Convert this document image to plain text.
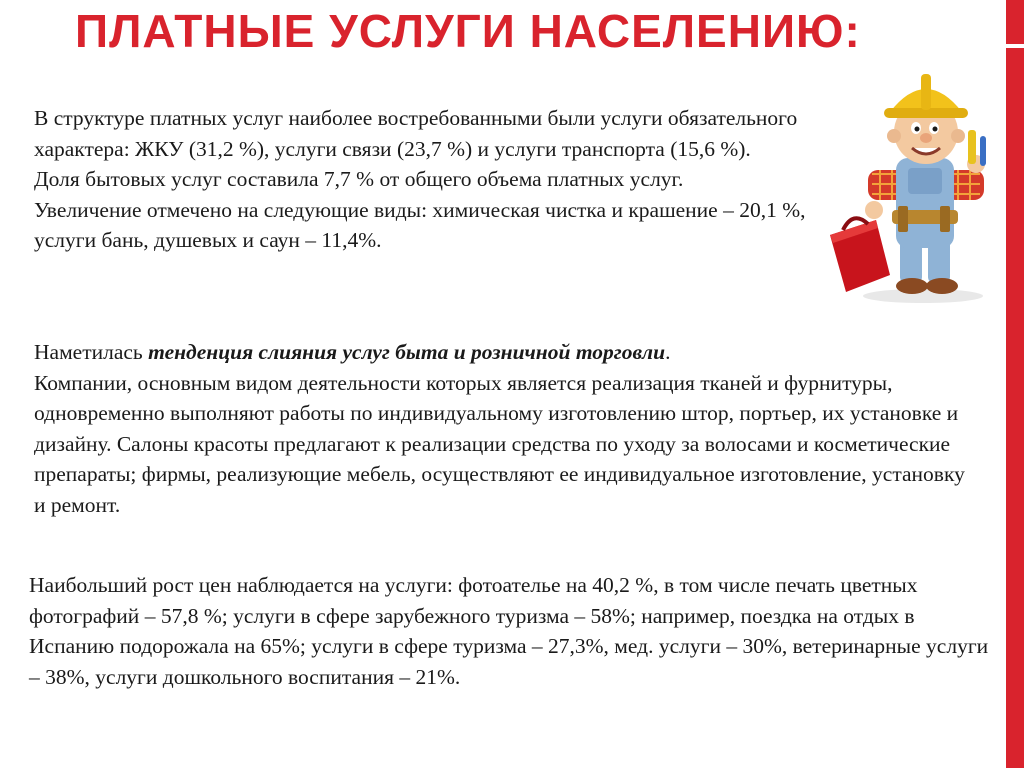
ПЛАТНЫЕ УСЛУГИ НАСЕЛЕНИЮ:

В структуре платных услуг наиболее востребованными были услуги обязательного характера: ЖКУ (31,2 %), услуги связи (23,7 %) и услуги транспорта (15,6 %).

Доля бытовых услуг составила 7,7 % от общего объема платных услуг.

Увеличение отмечено на следующие виды: химическая чистка и крашение – 20,1 %, услуги бань, душевых и саун – 11,4%.

Наметилась тенденция слияния услуг быта и розничной торговли.

Компании, основным видом деятельности которых является реализация тканей и фурнитуры, одновременно выполняют работы по индивидуальному изготовлению штор, портьер, их установке и дизайну. Салоны красоты предлагают к реализации средства по уходу за волосами и косметические препараты; фирмы, реализующие мебель, осуществляют ее индивидуальное изготовление, установку и ремонт.

Наибольший рост цен наблюдается на услуги: фотоателье на 40,2 %, в том числе печать цветных фотографий – 57,8 %; услуги в сфере зарубежного туризма – 58%; например, поездка на отдых в Испанию подорожала на 65%; услуги в сфере туризма – 27,3%, мед. услуги – 30%, ветеринарные услуги – 38%, услуги дошкольного воспитания – 21%.
